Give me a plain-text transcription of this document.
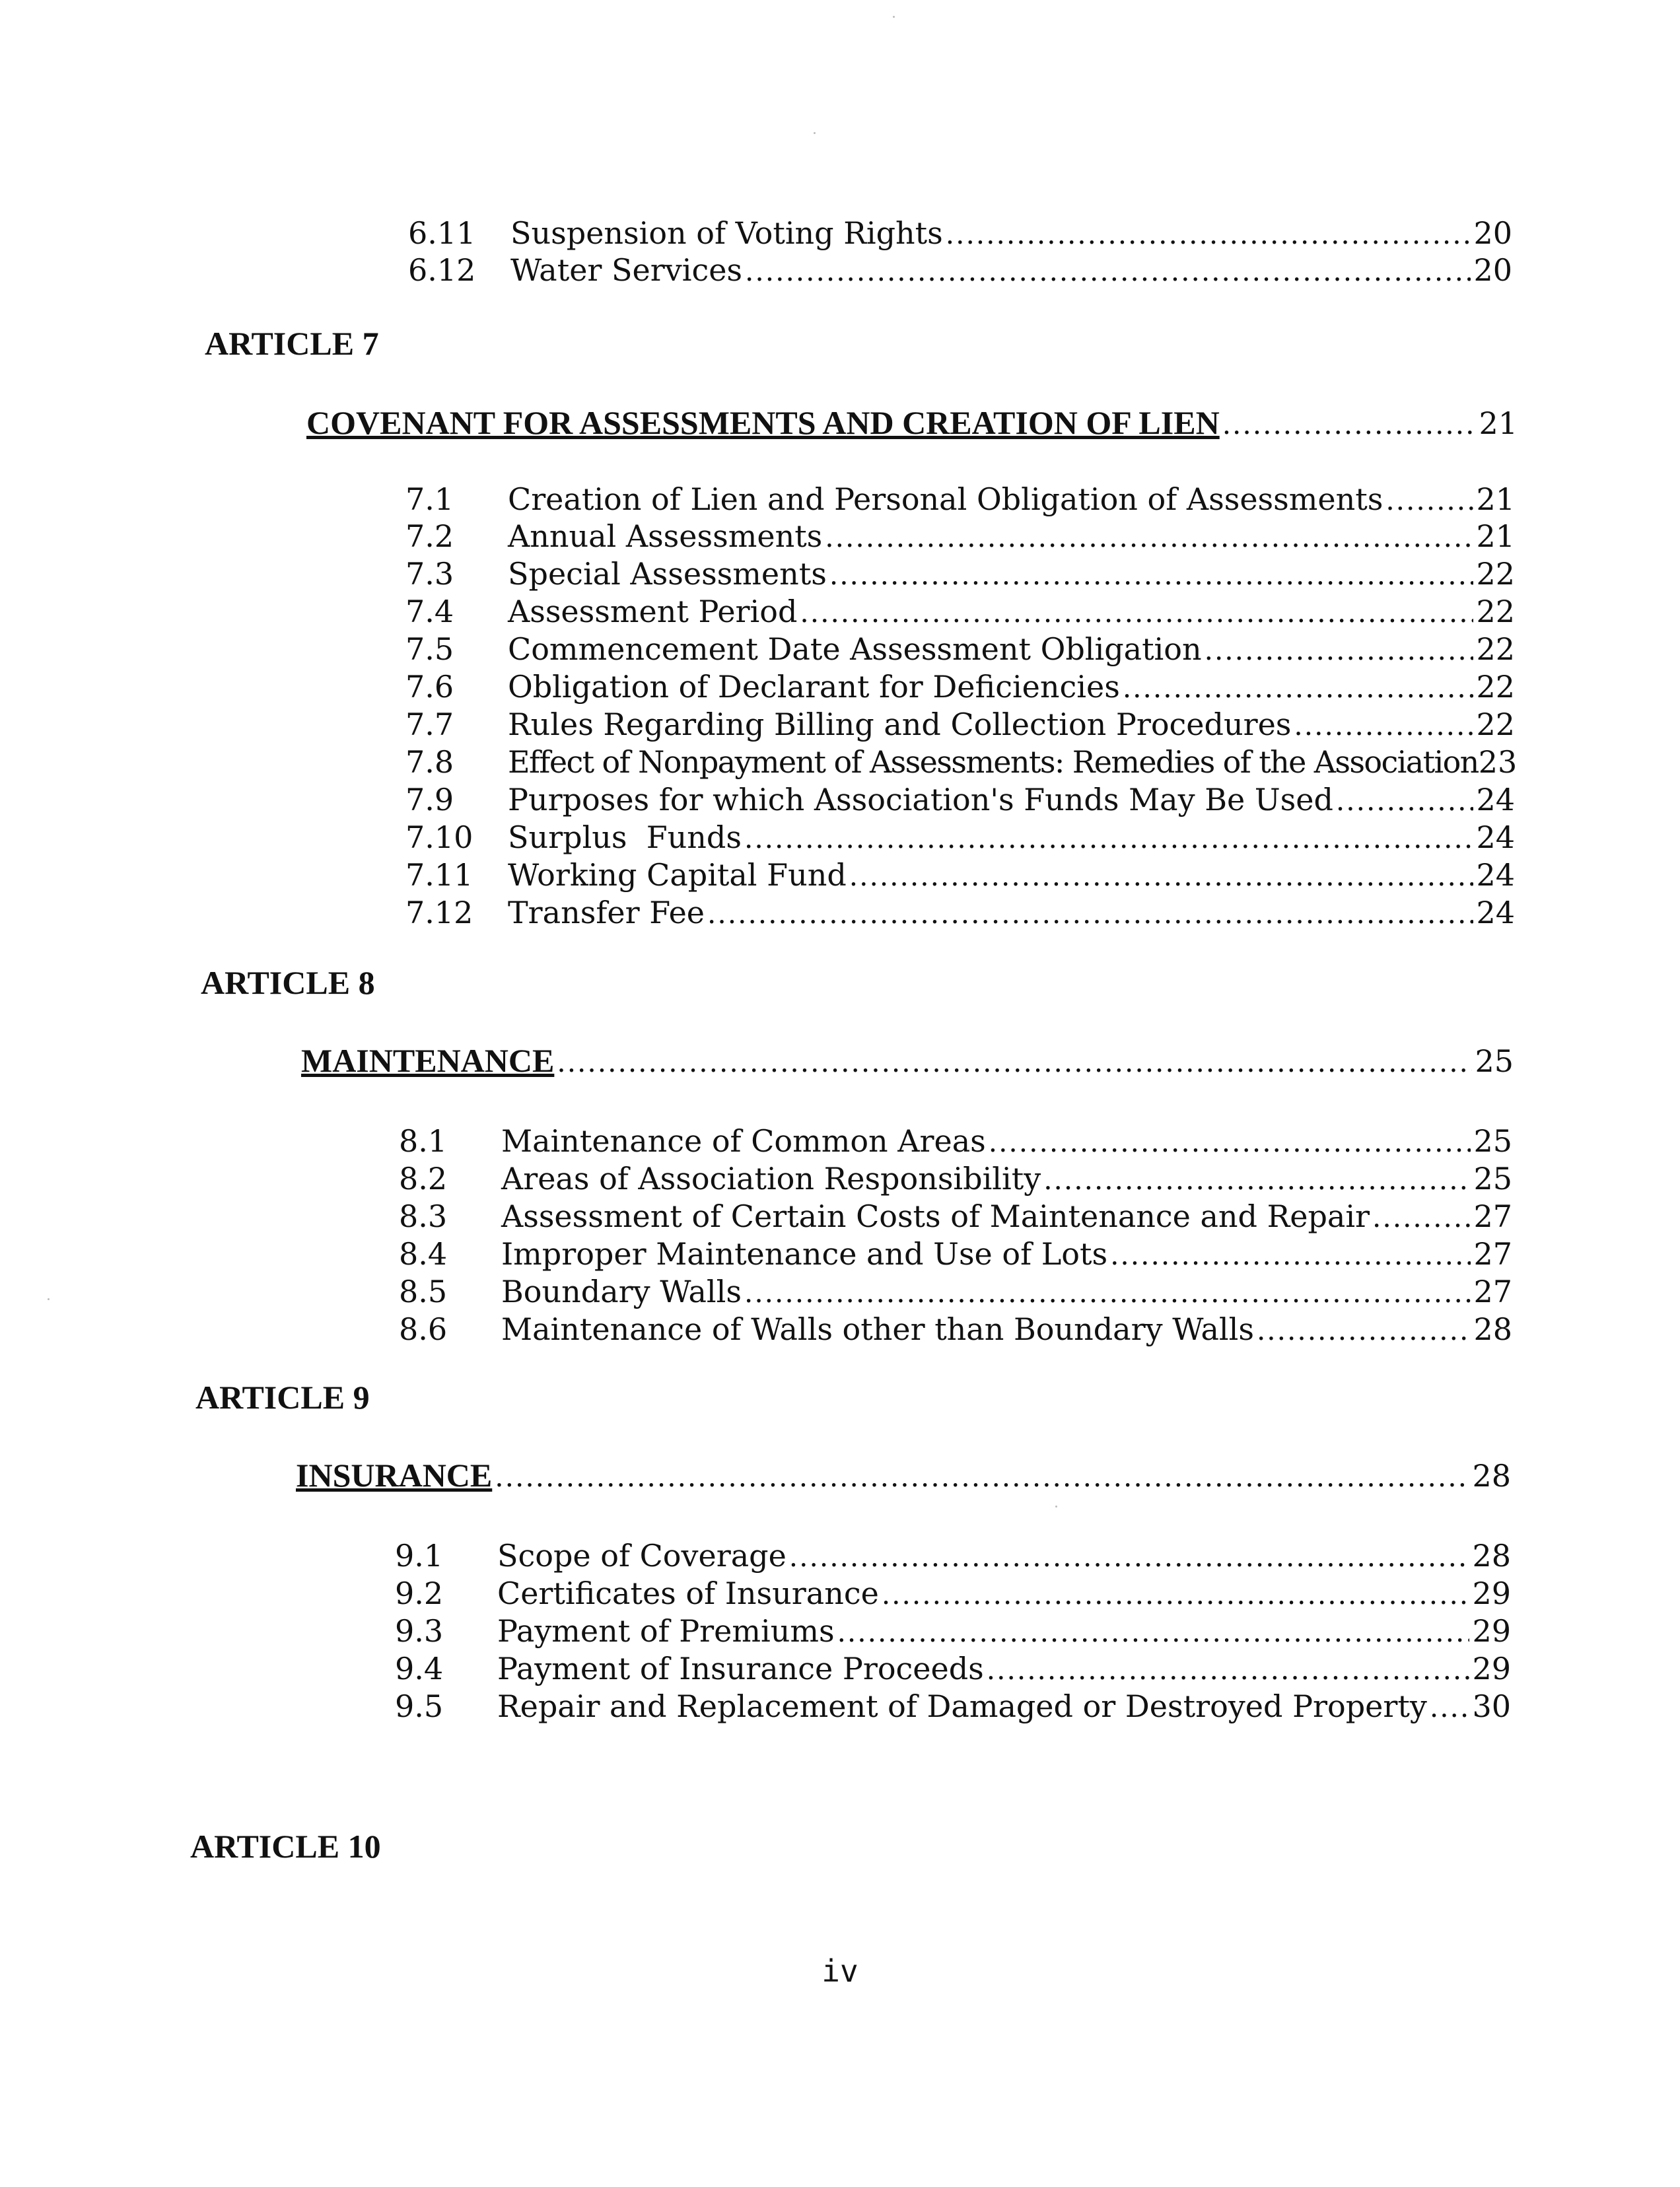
6.11	Suspension of Voting Rights .....	20
6.12	Water Services .....	20
ARTICLE 7
COVENANT FOR ASSESSMENTS AND CREATION OF LIEN .....	21
7.1	Creation of Lien and Personal Obligation of Assessments .....	21
7.2	Annual Assessments .....	21
7.3	Special Assessments .....	22
7.4	Assessment Period .....	22
7.5	Commencement Date Assessment Obligation .....	22
7.6	Obligation of Declarant for Deficiencies .....	22
7.7	Rules Regarding Billing and Collection Procedures .....	22
7.8	Effect of Nonpayment of Assessments: Remedies of the Association 23
7.9	Purposes for which Association's Funds May Be Used .....	24
7.10	Surplus  Funds .....	24
7.11	Working Capital Fund .....	24
7.12	Transfer Fee .....	24
ARTICLE 8
MAINTENANCE .....	25
8.1	Maintenance of Common Areas .....	25
8.2	Areas of Association Responsibility .....	25
8.3	Assessment of Certain Costs of Maintenance and Repair .....	27
8.4	Improper Maintenance and Use of Lots .....	27
8.5	Boundary Walls .....	27
8.6	Maintenance of Walls other than Boundary Walls .....	28
ARTICLE 9
INSURANCE .....	28
9.1	Scope of Coverage .....	28
9.2	Certificates of Insurance .....	29
9.3	Payment of Premiums .....	29
9.4	Payment of Insurance Proceeds .....	29
9.5	Repair and Replacement of Damaged or Destroyed Property ..... 30
ARTICLE 10
iv
